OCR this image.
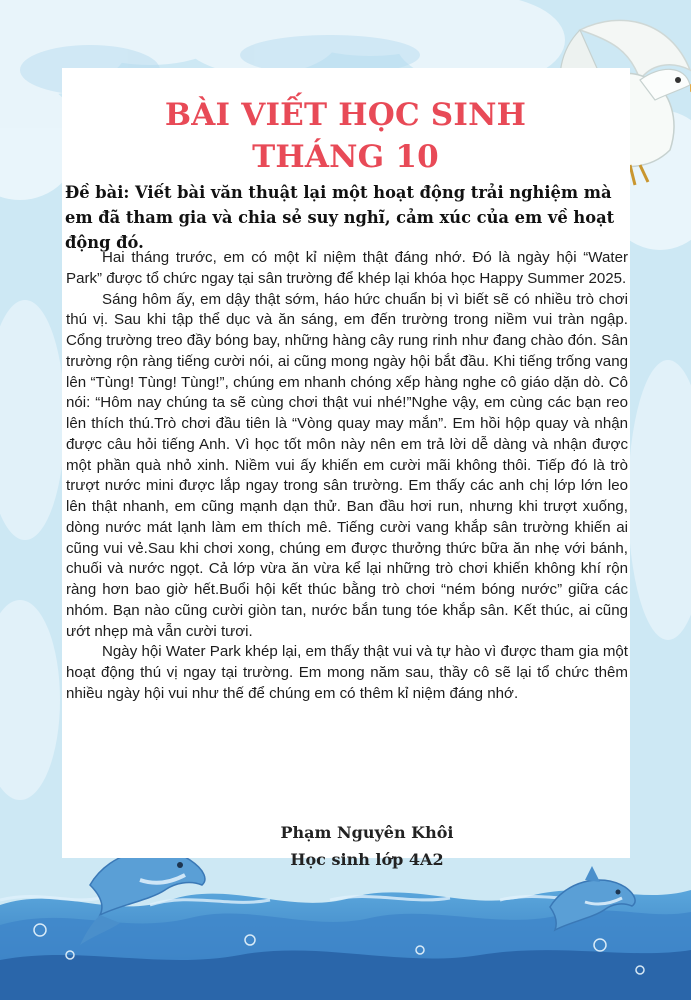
BÀI VIẾT HỌC SINH
THÁNG 10

Đề bài: Viết bài văn thuật lại một hoạt động trải nghiệm mà em đã tham gia và chia sẻ suy nghĩ, cảm xúc của em về hoạt động đó.

Hai tháng trước, em có một kỉ niệm thật đáng nhớ. Đó là ngày hội “Water Park” được tổ chức ngay tại sân trường để khép lại khóa học Happy Summer 2025.

Sáng hôm ấy, em dậy thật sớm, háo hức chuẩn bị vì biết sẽ có nhiều trò chơi thú vị. Sau khi tập thể dục và ăn sáng, em đến trường trong niềm vui tràn ngập. Cổng trường treo đầy bóng bay, những hàng cây rung rinh như đang chào đón. Sân trường rộn ràng tiếng cười nói, ai cũng mong ngày hội bắt đầu. Khi tiếng trống vang lên “Tùng! Tùng! Tùng!”, chúng em nhanh chóng xếp hàng nghe cô giáo dặn dò. Cô nói: “Hôm nay chúng ta sẽ cùng chơi thật vui nhé!”Nghe vậy, em cùng các bạn reo lên thích thú.Trò chơi đầu tiên là “Vòng quay may mắn”. Em hồi hộp quay và nhận được câu hỏi tiếng Anh. Vì học tốt môn này nên em trả lời dễ dàng và nhận được một phần quà nhỏ xinh. Niềm vui ấy khiến em cười mãi không thôi. Tiếp đó là trò trượt nước mini được lắp ngay trong sân trường. Em thấy các anh chị lớp lớn leo lên thật nhanh, em cũng mạnh dạn thử. Ban đầu hơi run, nhưng khi trượt xuống, dòng nước mát lạnh làm em thích mê. Tiếng cười vang khắp sân trường khiến ai cũng vui vẻ.Sau khi chơi xong, chúng em được thưởng thức bữa ăn nhẹ với bánh, chuối và nước ngọt. Cả lớp vừa ăn vừa kể lại những trò chơi khiến không khí rộn ràng hơn bao giờ hết.Buổi hội kết thúc bằng trò chơi “ném bóng nước” giữa các nhóm. Bạn nào cũng cười giòn tan, nước bắn tung tóe khắp sân. Kết thúc, ai cũng ướt nhẹp mà vẫn cười tươi.

Ngày hội Water Park khép lại, em thấy thật vui và tự hào vì được tham gia một hoạt động thú vị ngay tại trường. Em mong năm sau, thầy cô sẽ lại tổ chức thêm nhiều ngày hội vui như thế để chúng em có thêm kỉ niệm đáng nhớ.

Phạm Nguyên Khôi

Học sinh lớp 4A2
